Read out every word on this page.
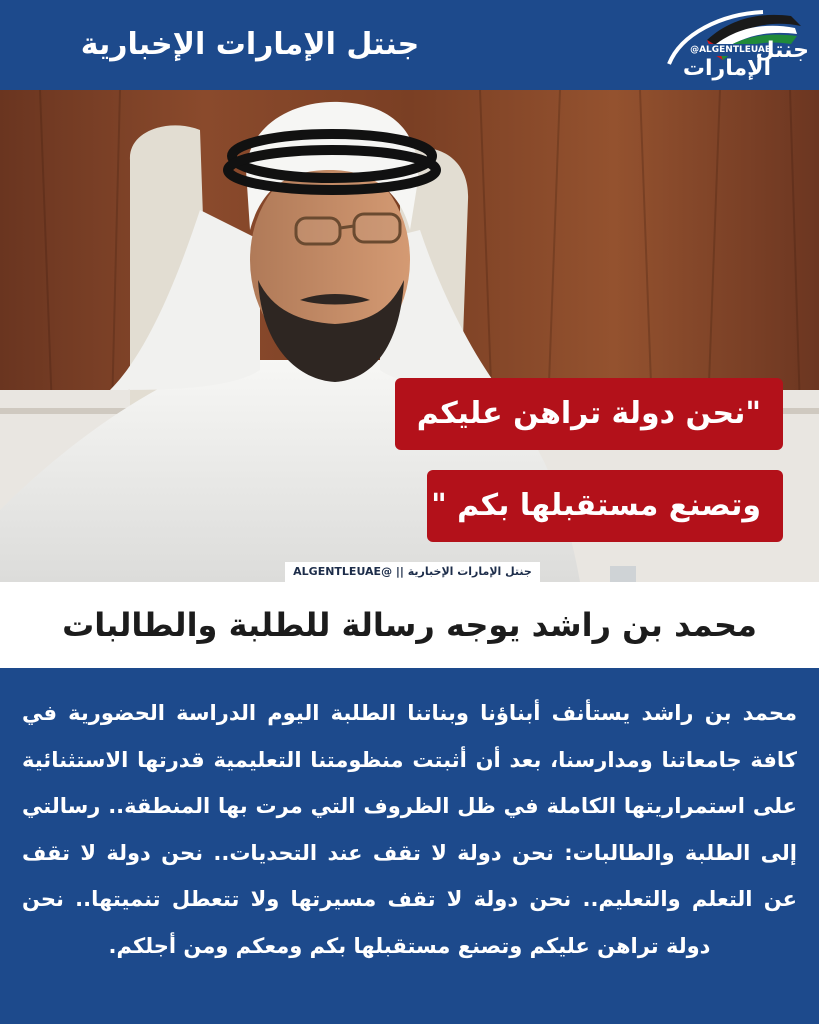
جنتل الإمارات الإخبارية	@ALGENTLEUAE
جنتل
الإمارات
"نحن دولة تراهن عليكم
وتصنع مستقبلها بكم "
جنتل الإمارات الإخبارية || @ALGENTLEUAE
محمد بن راشد يوجه رسالة للطلبة والطالبات
محمد بن راشد يستأنف أبناؤنا وبناتنا الطلبة اليوم الدراسة الحضورية في كافة جامعاتنا ومدارسنا، بعد أن أثبتت منظومتنا التعليمية قدرتها الاستثنائية على استمراريتها الكاملة في ظل الظروف التي مرت بها المنطقة.. رسالتي إلى الطلبة والطالبات: نحن دولة لا تقف عند التحديات.. نحن دولة لا تقف عن التعلم والتعليم.. نحن دولة لا تقف مسيرتها ولا تتعطل تنميتها.. نحن دولة تراهن عليكم وتصنع مستقبلها بكم ومعكم ومن أجلكم.
